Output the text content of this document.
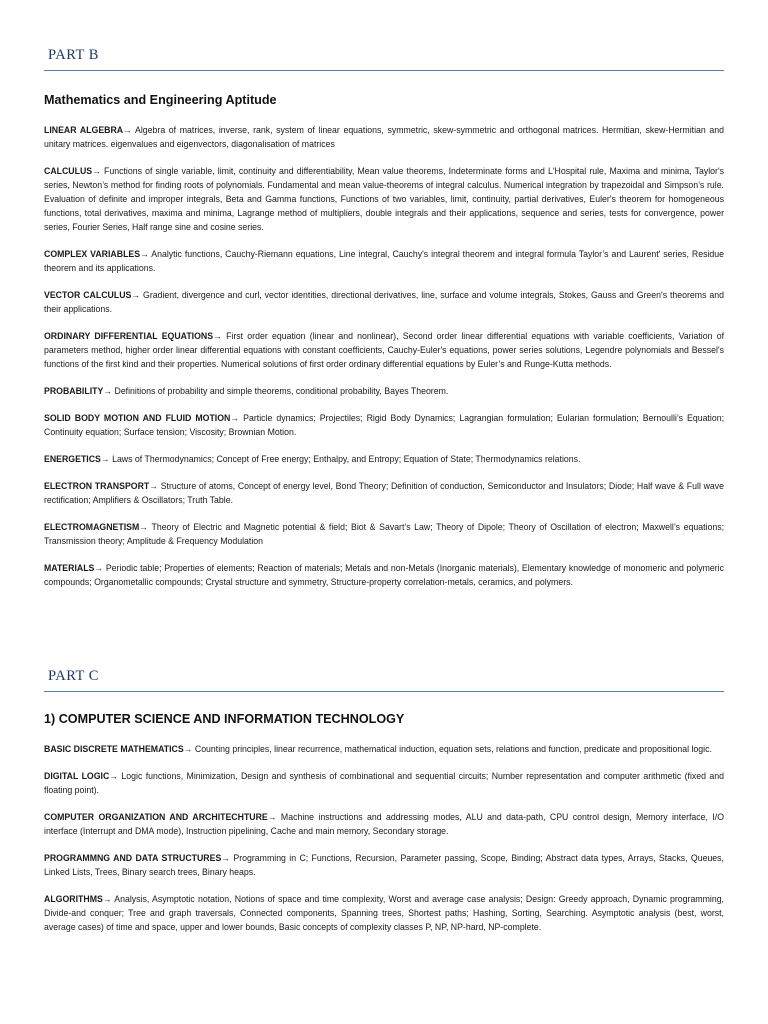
PART B
Mathematics and Engineering Aptitude

LINEAR ALGEBRA→ Algebra of matrices, inverse, rank, system of linear equations, symmetric, skew-symmetric and orthogonal matrices. Hermitian, skew-Hermitian and unitary matrices. eigenvalues and eigenvectors, diagonalisation of matrices

CALCULUS→ Functions of single variable, limit, continuity and differentiability, Mean value theorems, Indeterminate forms and L'Hospital rule, Maxima and minima, Taylor's series, Newton’s method for finding roots of polynomials. Fundamental and mean value-theorems of integral calculus. Numerical integration by trapezoidal and Simpson’s rule. Evaluation of definite and improper integrals, Beta and Gamma functions, Functions of two variables, limit, continuity, partial derivatives, Euler's theorem for homogeneous functions, total derivatives, maxima and minima, Lagrange method of multipliers, double integrals and their applications, sequence and series, tests for convergence, power series, Fourier Series, Half range sine and cosine series.

COMPLEX VARIABLES→ Analytic functions, Cauchy-Riemann equations, Line integral, Cauchy's integral theorem and integral formula Taylor’s and Laurent' series, Residue theorem and its applications.

VECTOR CALCULUS→ Gradient, divergence and curl, vector identities, directional derivatives, line, surface and volume integrals, Stokes, Gauss and Green's theorems and their applications.

ORDINARY DIFFERENTIAL EQUATIONS→ First order equation (linear and nonlinear), Second order linear differential equations with variable coefficients, Variation of parameters method, higher order linear differential equations with constant coefficients, Cauchy-Euler's equations, power series solutions, Legendre polynomials and Bessel's functions of the first kind and their properties. Numerical solutions of first order ordinary differential equations by Euler’s and Runge-Kutta methods.

PROBABILITY→ Definitions of probability and simple theorems, conditional probability, Bayes Theorem.

SOLID BODY MOTION AND FLUID MOTION→ Particle dynamics; Projectiles; Rigid Body Dynamics; Lagrangian formulation; Eularian formulation; Bernoulli’s Equation; Continuity equation; Surface tension; Viscosity; Brownian Motion.

ENERGETICS→ Laws of Thermodynamics; Concept of Free energy; Enthalpy, and Entropy; Equation of State; Thermodynamics relations.

ELECTRON TRANSPORT→ Structure of atoms, Concept of energy level, Bond Theory; Definition of conduction, Semiconductor and Insulators; Diode; Half wave & Full wave rectification; Amplifiers & Oscillators; Truth Table.

ELECTROMAGNETISM→ Theory of Electric and Magnetic potential & field; Biot & Savart’s Law; Theory of Dipole; Theory of Oscillation of electron; Maxwell’s equations; Transmission theory; Amplitude & Frequency Modulation

MATERIALS→ Periodic table; Properties of elements; Reaction of materials; Metals and non-Metals (Inorganic materials), Elementary knowledge of monomeric and polymeric compounds; Organometallic compounds; Crystal structure and symmetry, Structure-property correlation-metals, ceramics, and polymers.

PART C
1) COMPUTER SCIENCE AND INFORMATION TECHNOLOGY

BASIC DISCRETE MATHEMATICS→ Counting principles, linear recurrence, mathematical induction, equation sets, relations and function, predicate and propositional logic.

DIGITAL LOGIC→ Logic functions, Minimization, Design and synthesis of combinational and sequential circuits; Number representation and computer arithmetic (fixed and floating point).

COMPUTER ORGANIZATION AND ARCHITECHTURE→ Machine instructions and addressing modes, ALU and data-path, CPU control design, Memory interface, I/O interface (Interrupt and DMA mode), Instruction pipelining, Cache and main memory, Secondary storage.

PROGRAMMNG AND DATA STRUCTURES→ Programming in C; Functions, Recursion, Parameter passing, Scope, Binding; Abstract data types, Arrays, Stacks, Queues, Linked Lists, Trees, Binary search trees, Binary heaps.

ALGORITHMS→ Analysis, Asymptotic notation, Notions of space and time complexity, Worst and average case analysis; Design: Greedy approach, Dynamic programming, Divide-and conquer; Tree and graph traversals, Connected components, Spanning trees, Shortest paths; Hashing, Sorting, Searching. Asymptotic analysis (best, worst, average cases) of time and space, upper and lower bounds, Basic concepts of complexity classes P, NP, NP-hard, NP-complete.
